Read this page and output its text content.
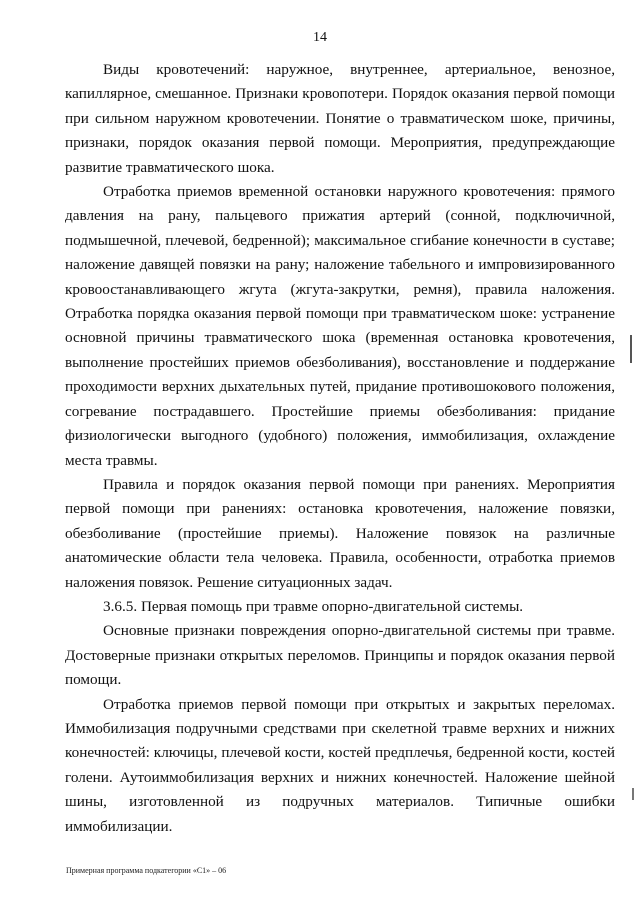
14

Виды кровотечений: наружное, внутреннее, артериальное, венозное, капиллярное, смешанное. Признаки кровопотери. Порядок оказания первой помощи при сильном наружном кровотечении. Понятие о травматическом шоке, причины, признаки, порядок оказания первой помощи. Мероприятия, предупреждающие развитие травматического шока.

Отработка приемов временной остановки наружного кровотечения: прямого давления на рану, пальцевого прижатия артерий (сонной, подключичной, подмышечной, плечевой, бедренной); максимальное сгибание конечности в суставе; наложение давящей повязки на рану; наложение табельного и импровизированного кровоостанавливающего жгута (жгута-закрутки, ремня), правила наложения. Отработка порядка оказания первой помощи при травматическом шоке: устранение основной причины травматического шока (временная остановка кровотечения, выполнение простейших приемов обезболивания), восстановление и поддержание проходимости верхних дыхательных путей, придание противошокового положения, согревание пострадавшего. Простейшие приемы обезболивания: придание физиологически выгодного (удобного) положения, иммобилизация, охлаждение места травмы.

Правила и порядок оказания первой помощи при ранениях. Мероприятия первой помощи при ранениях: остановка кровотечения, наложение повязки, обезболивание (простейшие приемы). Наложение повязок на различные анатомические области тела человека. Правила, особенности, отработка приемов наложения повязок. Решение ситуационных задач.

3.6.5. Первая помощь при травме опорно-двигательной системы.

Основные признаки повреждения опорно-двигательной системы при травме. Достоверные признаки открытых переломов. Принципы и порядок оказания первой помощи.

Отработка приемов первой помощи при открытых и закрытых переломах. Иммобилизация подручными средствами при скелетной травме верхних и нижних конечностей: ключицы, плечевой кости, костей предплечья, бедренной кости, костей голени. Аутоиммобилизация верхних и нижних конечностей. Наложение шейной шины, изготовленной из подручных материалов. Типичные ошибки иммобилизации.

Примерная программа подкатегории «C1» – 06
